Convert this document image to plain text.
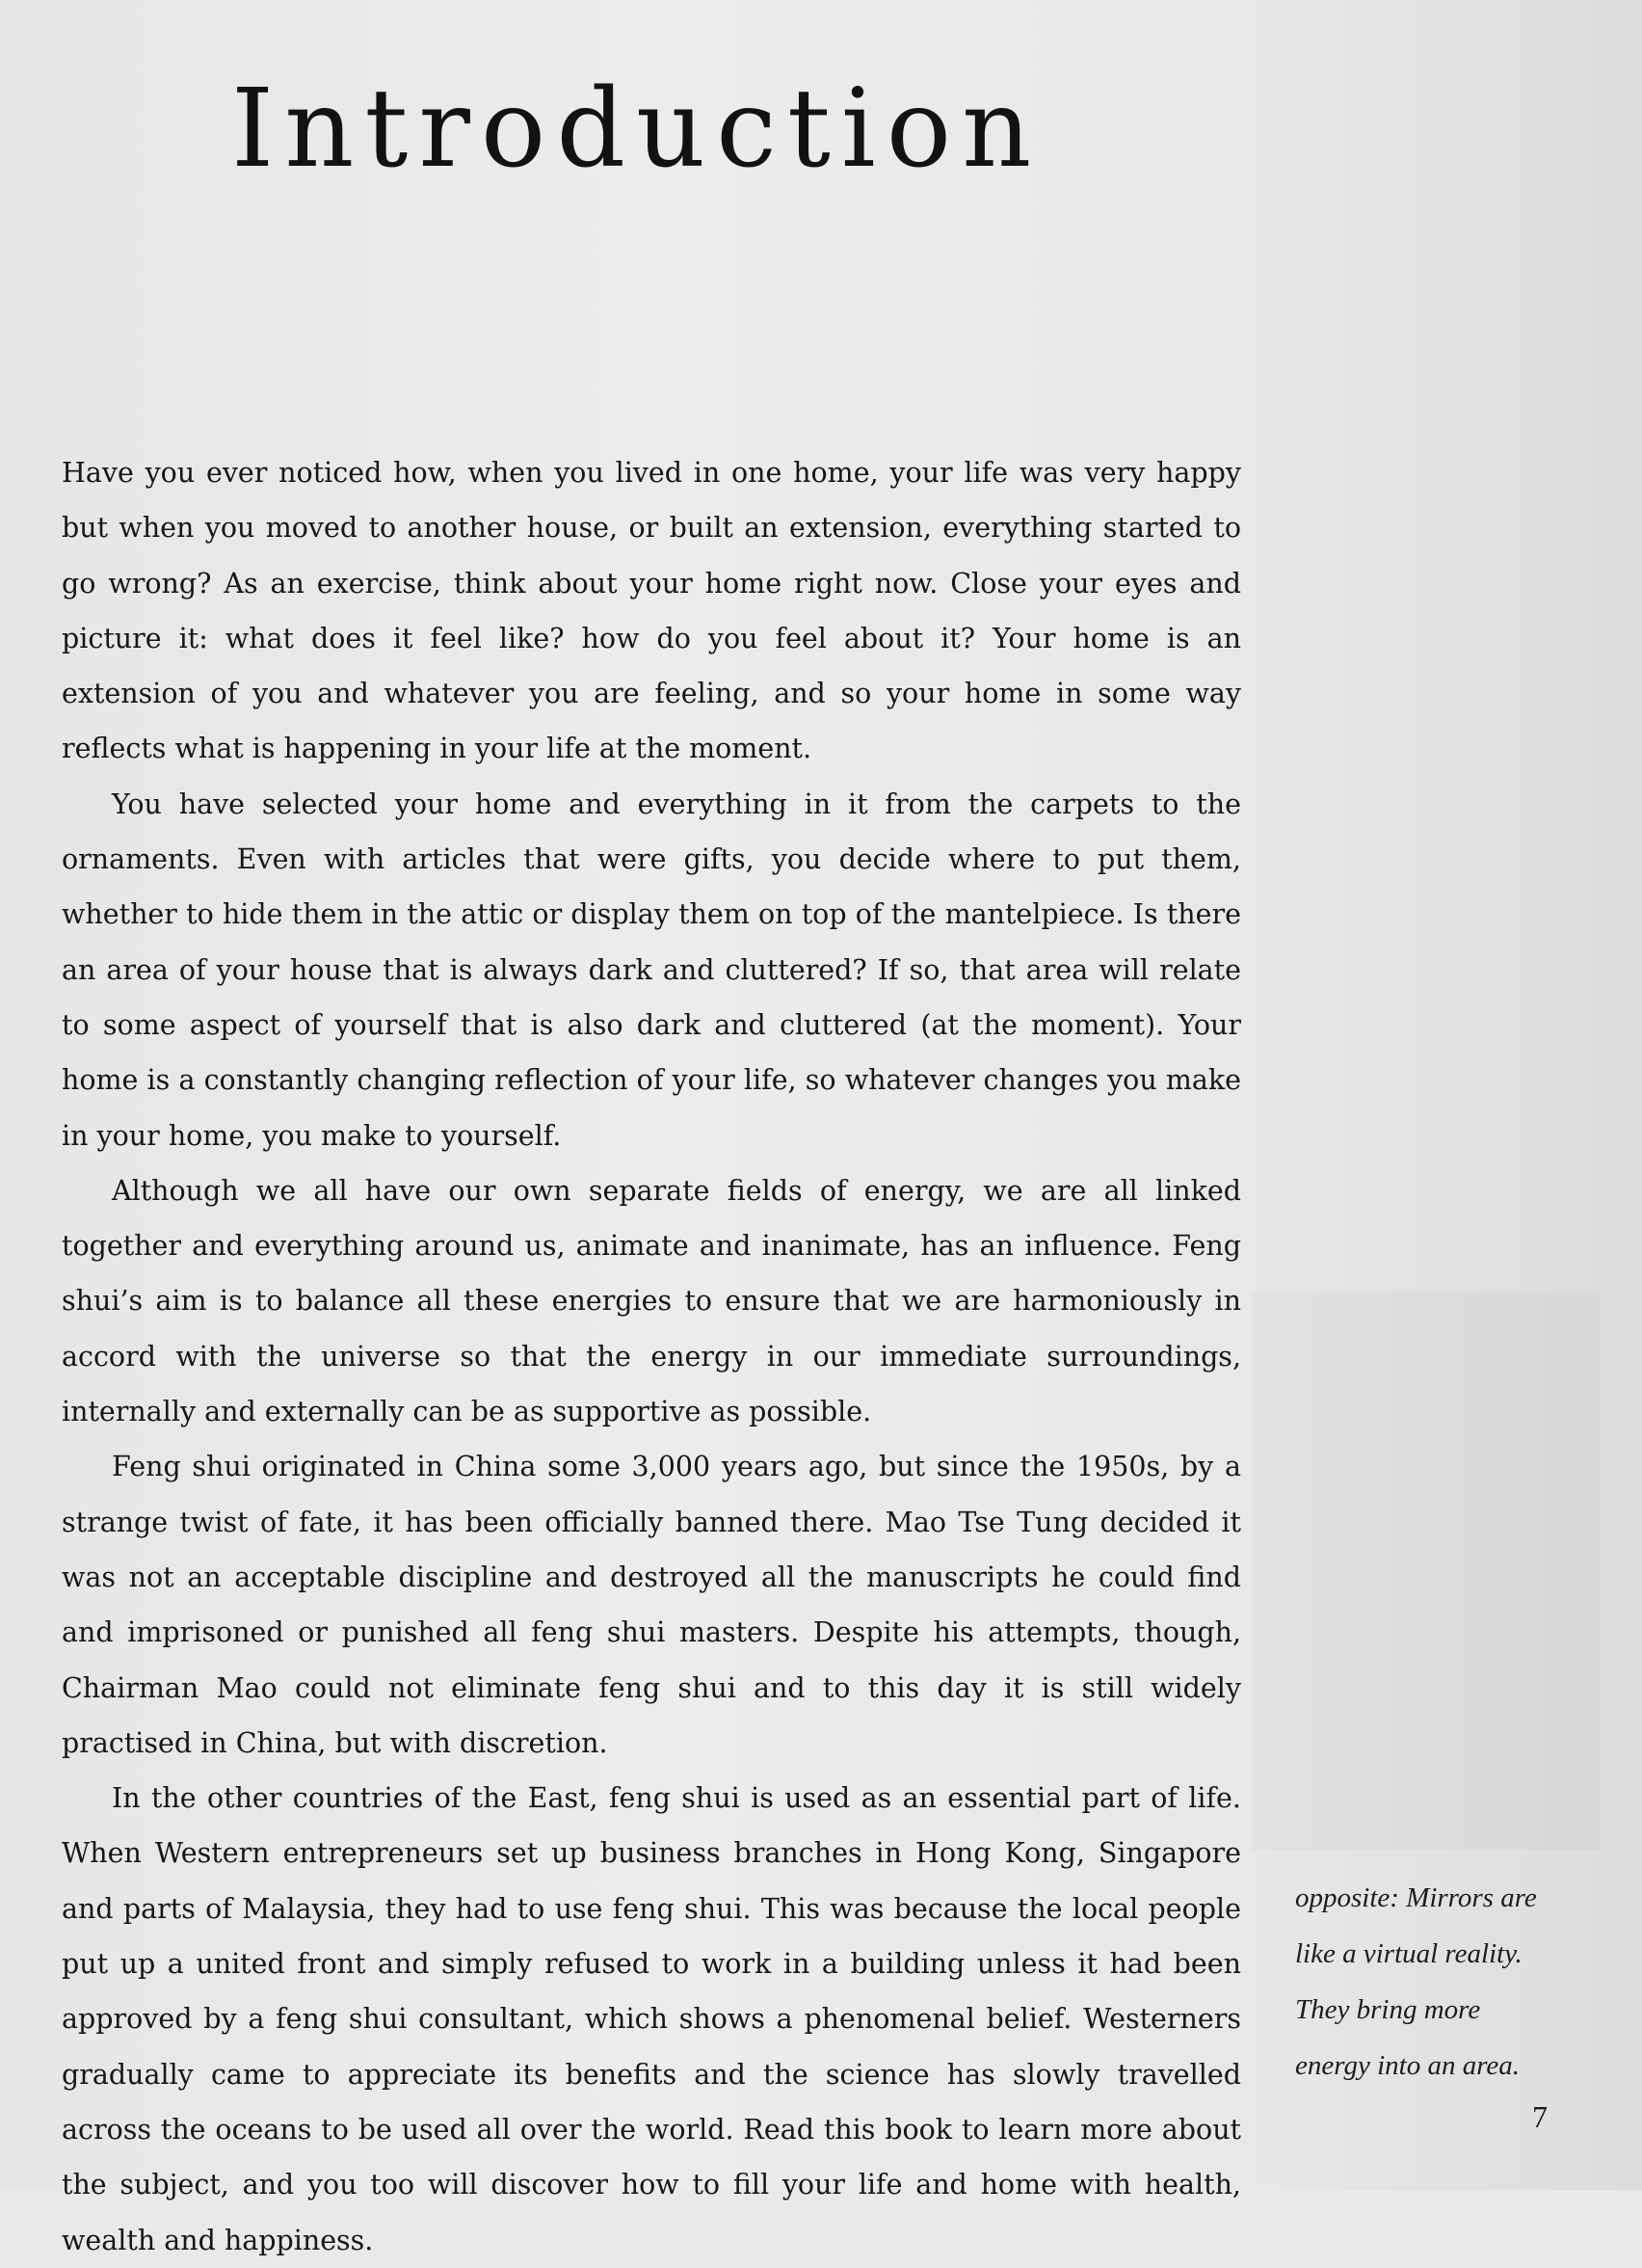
Introduction

Have you ever noticed how, when you lived in one home, your life was very happy but when you moved to another house, or built an extension, everything started to go wrong? As an exercise, think about your home right now. Close your eyes and picture it: what does it feel like? how do you feel about it? Your home is an extension of you and whatever you are feeling, and so your home in some way reflects what is happening in your life at the moment.

You have selected your home and everything in it from the carpets to the ornaments. Even with articles that were gifts, you decide where to put them, whether to hide them in the attic or display them on top of the mantelpiece. Is there an area of your house that is always dark and cluttered? If so, that area will relate to some aspect of yourself that is also dark and cluttered (at the moment). Your home is a constantly changing reflection of your life, so whatever changes you make in your home, you make to yourself.

Although we all have our own separate fields of energy, we are all linked together and everything around us, animate and inanimate, has an influence. Feng shui’s aim is to balance all these energies to ensure that we are harmoniously in accord with the universe so that the energy in our immediate surroundings, internally and externally can be as supportive as possible.

Feng shui originated in China some 3,000 years ago, but since the 1950s, by a strange twist of fate, it has been officially banned there. Mao Tse Tung decided it was not an acceptable discipline and destroyed all the manuscripts he could find and imprisoned or punished all feng shui masters. Despite his attempts, though, Chairman Mao could not eliminate feng shui and to this day it is still widely practised in China, but with discretion.

In the other countries of the East, feng shui is used as an essential part of life. When Western entrepreneurs set up business branches in Hong Kong, Singapore and parts of Malaysia, they had to use feng shui. This was because the local people put up a united front and simply refused to work in a building unless it had been approved by a feng shui consultant, which shows a phenomenal belief. Westerners gradually came to appreciate its benefits and the science has slowly travelled across the oceans to be used all over the world. Read this book to learn more about the subject, and you too will discover how to fill your life and home with health, wealth and happiness.

opposite: Mirrors are
like a virtual reality.
They bring more
energy into an area.
7
